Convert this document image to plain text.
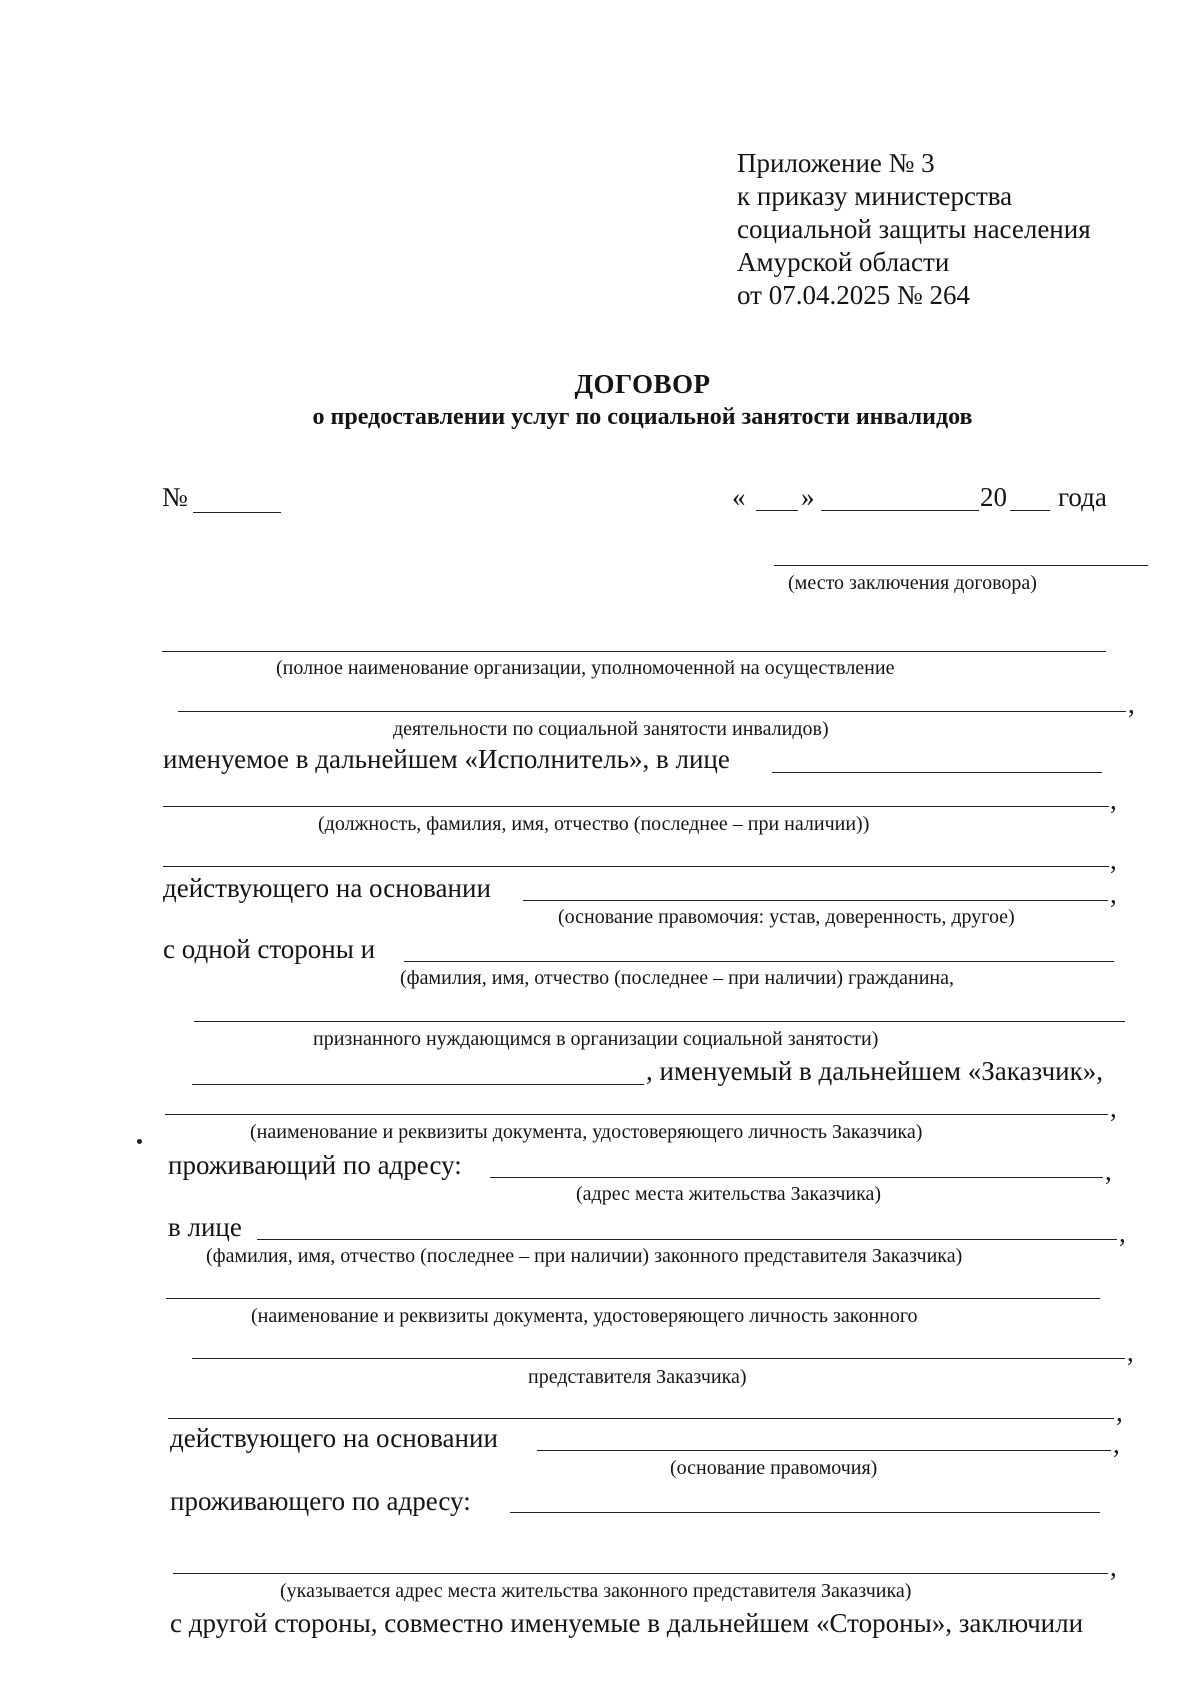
Приложение № 3
к приказу министерства
социальной защиты населения
Амурской области
от 07.04.2025 № 264
ДОГОВОР
о предоставлении услуг по социальной занятости инвалидов
№	« »	20 года
(место заключения договора)
(полное наименование организации, уполномоченной на осуществление
,
деятельности по социальной занятости инвалидов)
именуемое в дальнейшем «Исполнитель», в лице
,
(должность, фамилия, имя, отчество (последнее – при наличии))
,
действующего на основании	,
(основание правомочия: устав, доверенность, другое)
с одной стороны и
(фамилия, имя, отчество (последнее – при наличии) гражданина,
признанного нуждающимся в организации социальной занятости)
, именуемый в дальнейшем «Заказчик»,
,
(наименование и реквизиты документа, удостоверяющего личность Заказчика)
проживающий по адресу:	,
(адрес места жительства Заказчика)
в лице	,
(фамилия, имя, отчество (последнее – при наличии) законного представителя Заказчика)
(наименование и реквизиты документа, удостоверяющего личность законного
,
представителя Заказчика)
,
действующего на основании	,
(основание правомочия)
проживающего по адресу:
,
(указывается адрес места жительства законного представителя Заказчика)
с другой стороны, совместно именуемые в дальнейшем «Стороны», заключили
